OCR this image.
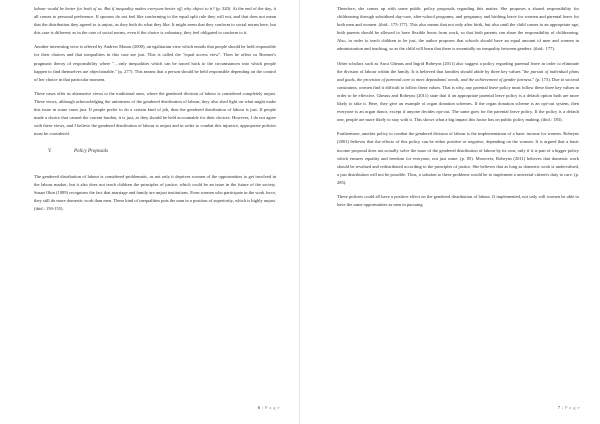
labour would be better for both of us. But if inequality makes everyone better off, why object to it? (p. 320). At the end of the day, it all comes to personal preference. If spouses do not feel like conforming to the equal split rule they will not, and that does not mean that the distribution they agreed to is unjust, as they both do what they like. It might seem that they conform to social norms here, but this case is different; as in the case of social norms, even if the choice is voluntary, they feel obligated to conform to it.

Another interesting view is offered by Andrew Mason (2000), an egalitarian view which entails that people should be held responsible for their choices and that inequalities in this case are just. This is called the "equal access view". Then he offers us Roemer's pragmatic theory of responsibility where "…only inequalities which can be traced back to the circumstances into which people happen to find themselves are objectionable." (p. 277). This means that a person should be held responsible depending on the control of her choice in that particular moment.

These cases offer us alternative views to the traditional ones, where the gendered division of labour is considered completely unjust. These views, although acknowledging the unfairness of the gendered distribution of labour, they also shed light on what might make this issue in some cases just. If people prefer to do a certain kind of job, then the gendered distribution of labour is just. If people made a choice that caused the current burden, it is just, as they should be held accountable for their choices. However, I do not agree with these views, and I believe the gendered distribution of labour is unjust and in order to combat this injustice, appropriate policies must be considered.

V.	Policy Proposals

The gendered distribution of labour is considered problematic, as not only it deprives women of the opportunities to get involved in the labour market, but it also does not teach children the principles of justice, which could be an issue in the future of the society. Susan Okin (1989) recognises the fact that marriage and family are unjust institutions. Even women who participate in the work force, they still do more domestic work than men. These kind of inequalities puts the man in a position of superiority, which is highly unjust. (ibid.: 150-155).

6 | P a g e

Therefore, she comes up with some public policy proposals regarding this matter. She proposes a shared responsibility for childrearing through subsidised day-care, after-school programs, and pregnancy and birthing leave for women and parental leave for both men and women. (ibid.: 175-177). This also means that not only after birth, but also until the child comes to an appropriate age, both parents should be allowed to have flexible hours from work, so that both parents can share the responsibility of childrearing. Also, in order to teach children to be just, the author proposes that schools should have an equal amount of men and women in administration and teaching, so as the child will learn that there is essentially no inequality between genders. (ibid.: 177).

Other scholars such as Anca Gheaus and Ingrid Robeyns (2011) also suggest a policy regarding parental leave in order to eliminate the division of labour within the family. It is believed that families should abide by three key values "the pursuit of individual plans and goals, the provision of parental care to meet dependants' needs, and the achievement of gender fairness." (p. 173). Due to societal constraints, women find it difficult to follow these values. That is why, any parental leave policy must follow these three key values in order to be effective. Gheaus and Robeyns (2011) state that if an appropriate parental leave policy is a default option both are more likely to take it. Here, they give an example of organ donation schemes. If the organ donation scheme is an opt-out system, then everyone is an organ donor, except if anyone decides opt-out. The same goes for the parental leave policy. If the policy is a default one, people are more likely to stay with it. This shows what a big impact this factor has on public policy making. (ibid.: 183).

Furthermore, another policy to combat the gendered division of labour is the implementation of a basic income for women. Robeyns (2001) believes that the effects of this policy can be either positive or negative, depending on the women. It is argued that a basic income proposal does not actually solve the issue of the gendered distribution of labour by its own, only if it is part of a bigger policy which ensures equality and freedom for everyone, not just some. (p. 85). Moreover, Robeyns (2011) believes that domestic work should be revalued and redistributed according to the principles of justice. She believes that as long as domestic work is undervalued, a just distribution will not be possible. Thus, a solution to these problems would be to implement a universal citizen's duty to care. (p. 285).

These policies could all have a positive effect on the gendered distribution of labour. If implemented, not only will women be able to have the same opportunities as men in pursuing

7 | P a g e
